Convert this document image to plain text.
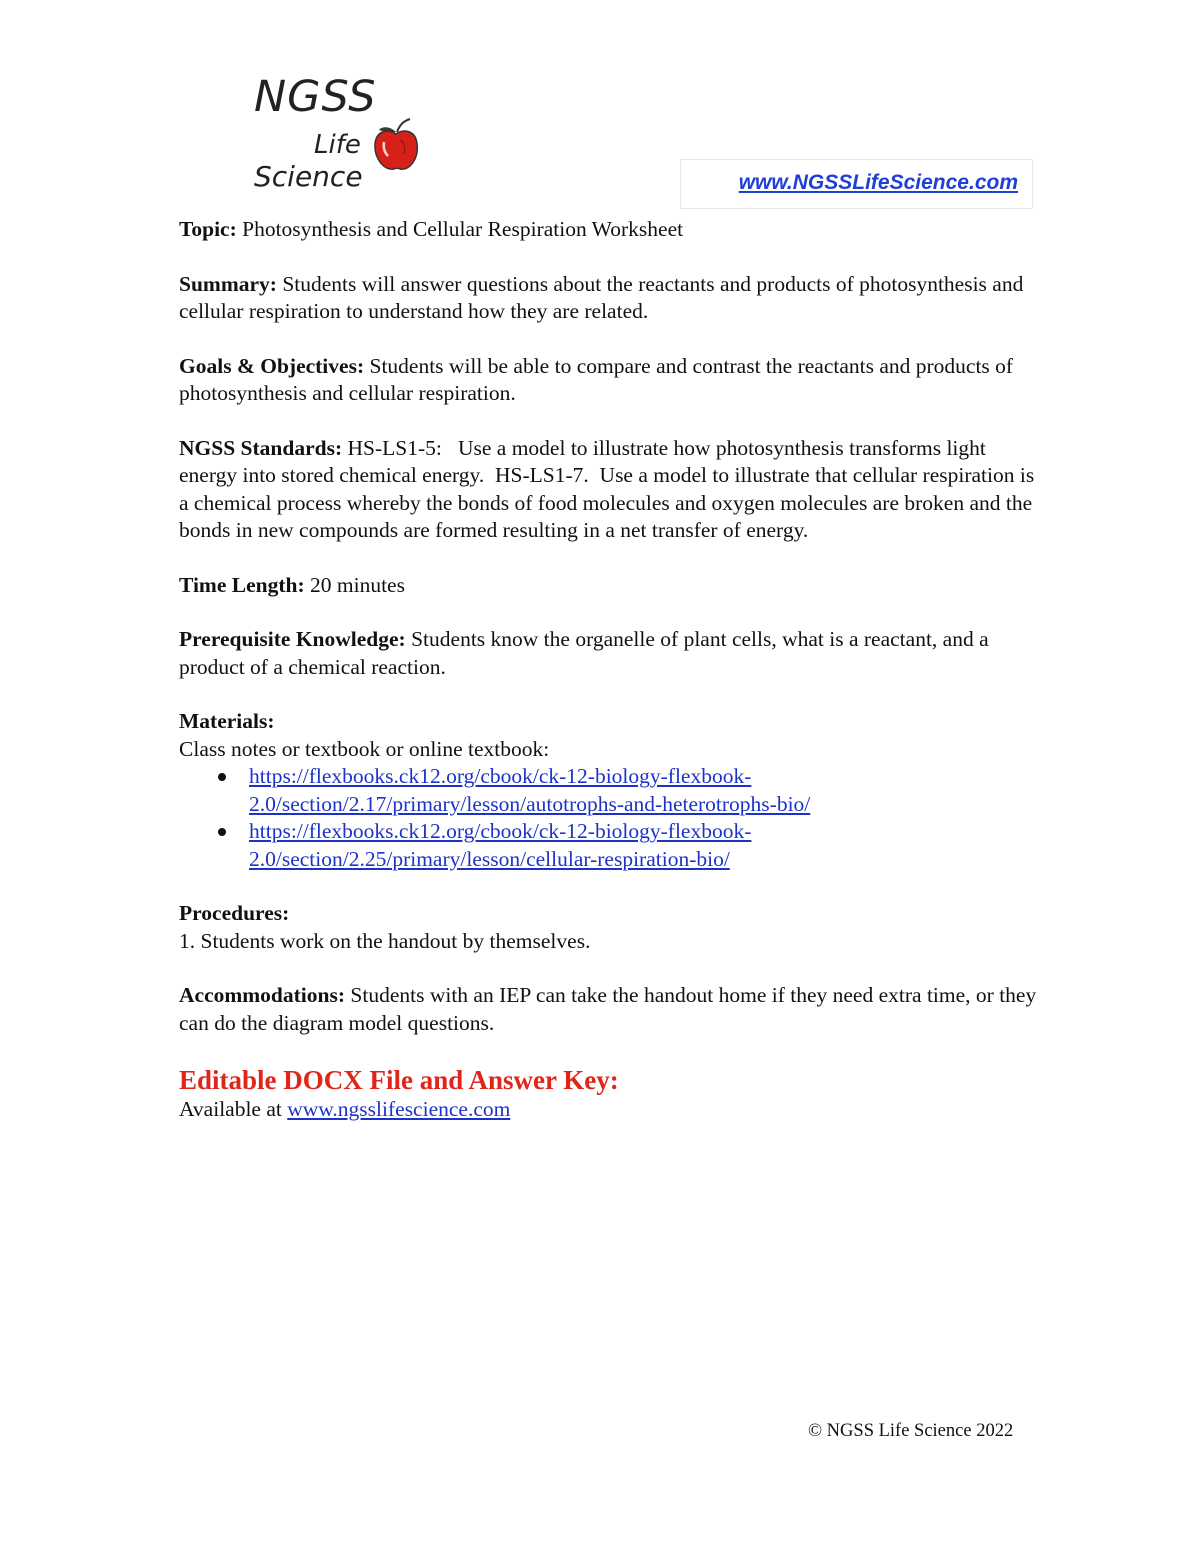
NGSS
Life
Science	www.NGSSLifeScience.com

Topic: Photosynthesis and Cellular Respiration Worksheet

Summary: Students will answer questions about the reactants and products of photosynthesis and cellular respiration to understand how they are related.

Goals & Objectives: Students will be able to compare and contrast the reactants and products of photosynthesis and cellular respiration.

NGSS Standards: HS-LS1-5:   Use a model to illustrate how photosynthesis transforms light energy into stored chemical energy.  HS-LS1-7.  Use a model to illustrate that cellular respiration is a chemical process whereby the bonds of food molecules and oxygen molecules are broken and the bonds in new compounds are formed resulting in a net transfer of energy.

Time Length: 20 minutes

Prerequisite Knowledge: Students know the organelle of plant cells, what is a reactant, and a product of a chemical reaction.

Materials:
Class notes or textbook or online textbook:
https://flexbooks.ck12.org/cbook/ck-12-biology-flexbook-
2.0/section/2.17/primary/lesson/autotrophs-and-heterotrophs-bio/
https://flexbooks.ck12.org/cbook/ck-12-biology-flexbook-
2.0/section/2.25/primary/lesson/cellular-respiration-bio/
Procedures:
1. Students work on the handout by themselves.

Accommodations: Students with an IEP can take the handout home if they need extra time, or they can do the diagram model questions.

Editable DOCX File and Answer Key:
Available at www.ngsslifescience.com
© NGSS Life Science 2022
